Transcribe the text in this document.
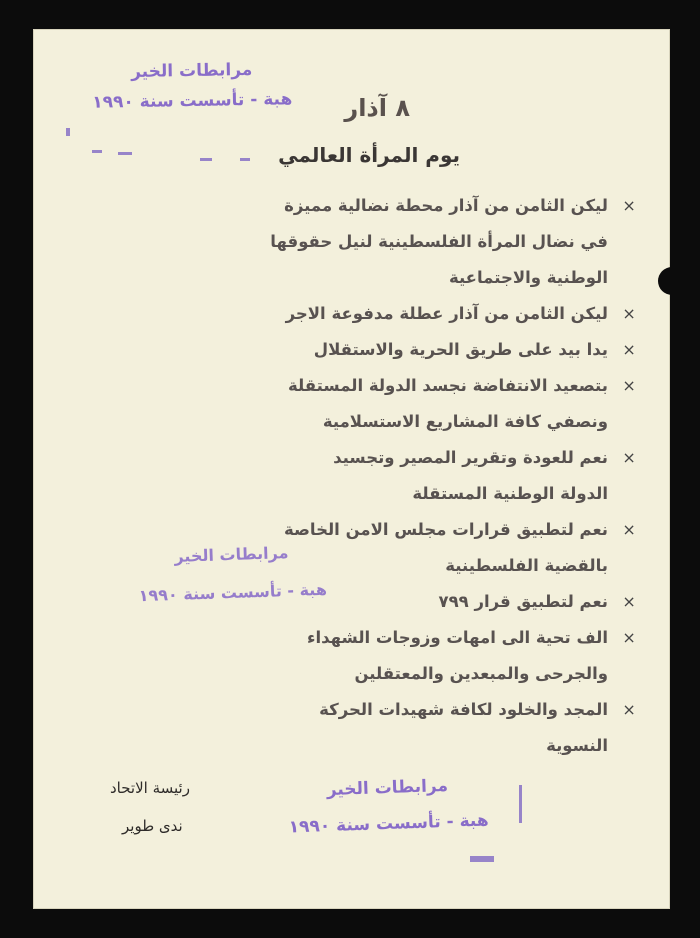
مرابطات الخير
هبة - تأسست سنة ١٩٩٠ ٨ آذار
يوم المرأة العالمي
×
ليكن الثامن من آذار محطة نضالية مميزة
في نضال المرأة الفلسطينية لنيل حقوقها
الوطنية والاجتماعية
×
ليكن الثامن من آذار عطلة مدفوعة الاجر
×
يدا بيد على طريق الحرية والاستقلال
×
بتصعيد الانتفاضة نجسد الدولة المستقلة
ونصفي كافة المشاريع الاستسلامية
×
نعم للعودة وتقرير المصير وتجسيد
الدولة الوطنية المستقلة
×
نعم لتطبيق قرارات مجلس الامن الخاصة
بالقضية الفلسطينية
×
نعم لتطبيق قرار ٧٩٩
×
الف تحية الى امهات وزوجات الشهداء
والجرحى والمبعدين والمعتقلين
×
المجد والخلود لكافة شهيدات الحركة
النسوية
مرابطات الخير
هبة - تأسست سنة ١٩٩٠
رئيسة الاتحاد
ندى طوير
مرابطات الخير
هبة - تأسست سنة ١٩٩٠
